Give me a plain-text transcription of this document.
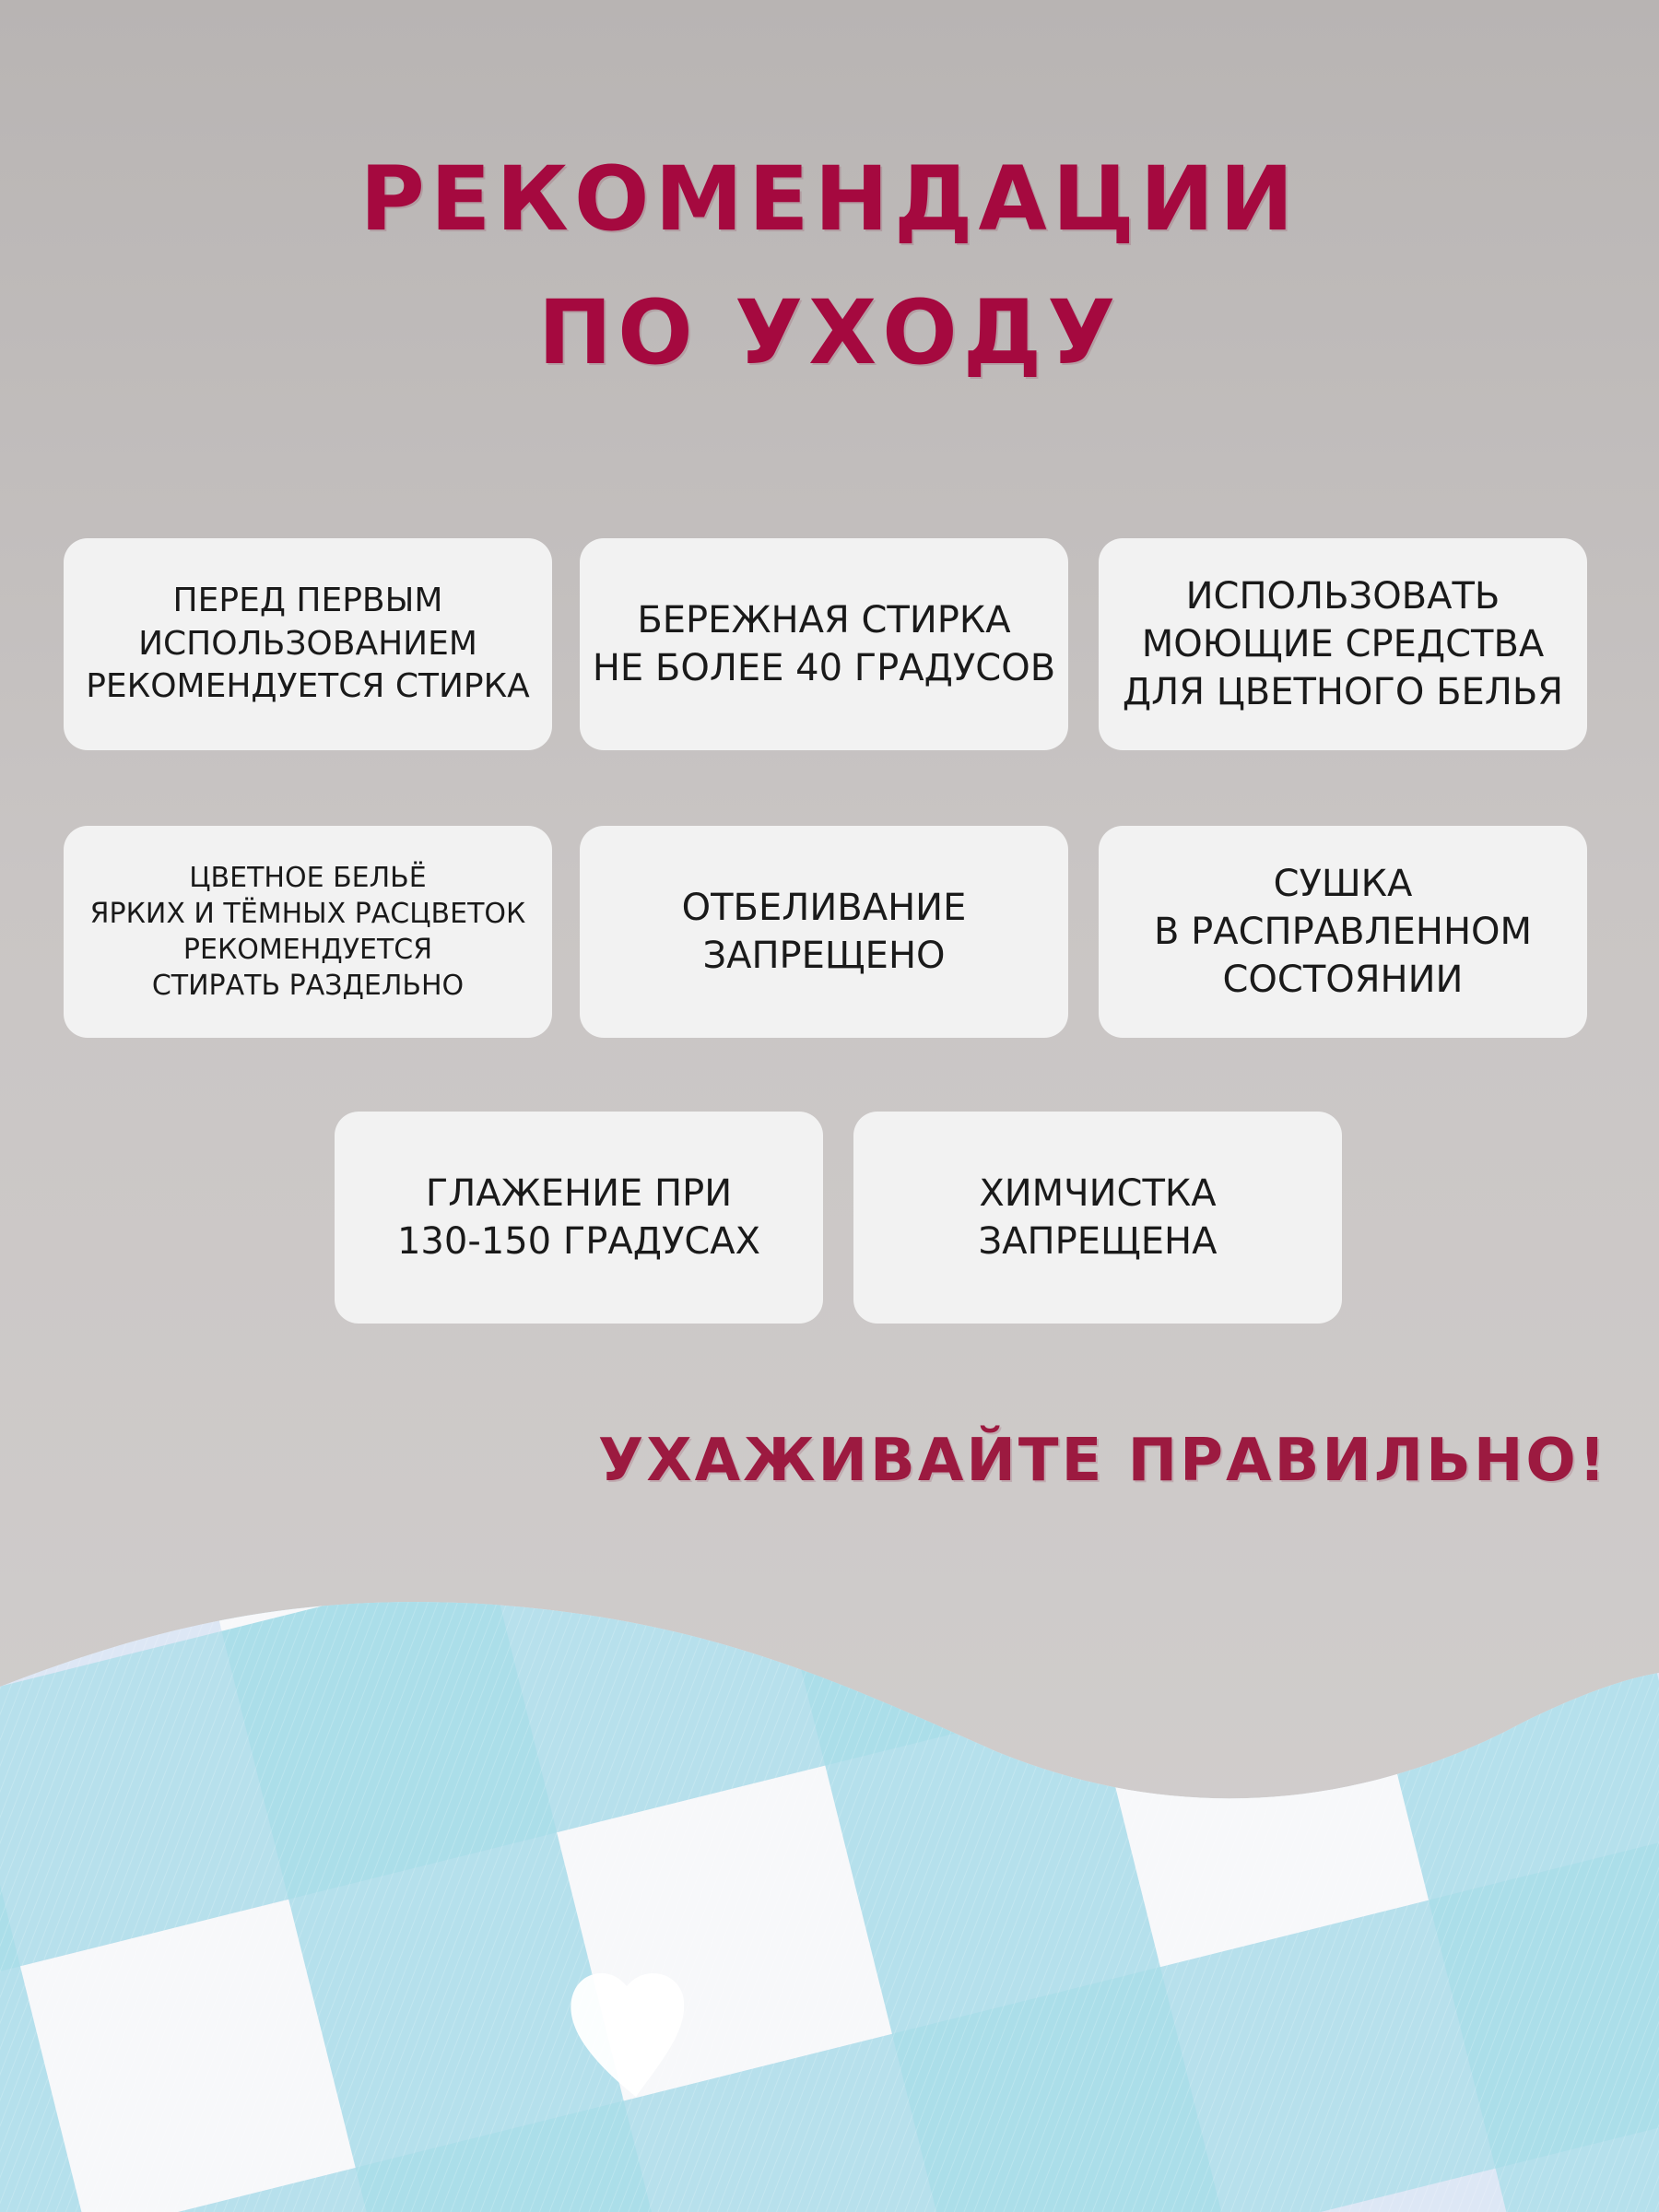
РЕКОМЕНДАЦИИ
ПО УХОДУ
ПЕРЕД ПЕРВЫМ
ИСПОЛЬЗОВАНИЕМ
РЕКОМЕНДУЕТСЯ СТИРКА
БЕРЕЖНАЯ СТИРКА
НЕ БОЛЕЕ 40 ГРАДУСОВ
ИСПОЛЬЗОВАТЬ
МОЮЩИЕ СРЕДСТВА
ДЛЯ ЦВЕТНОГО БЕЛЬЯ
ЦВЕТНОЕ БЕЛЬЁ
ЯРКИХ И ТЁМНЫХ РАСЦВЕТОК
РЕКОМЕНДУЕТСЯ
СТИРАТЬ РАЗДЕЛЬНО
ОТБЕЛИВАНИЕ
ЗАПРЕЩЕНО
СУШКА
В РАСПРАВЛЕННОМ
СОСТОЯНИИ
ГЛАЖЕНИЕ ПРИ
130-150 ГРАДУСАХ
ХИМЧИСТКА
ЗАПРЕЩЕНА
УХАЖИВАЙТЕ ПРАВИЛЬНО!
